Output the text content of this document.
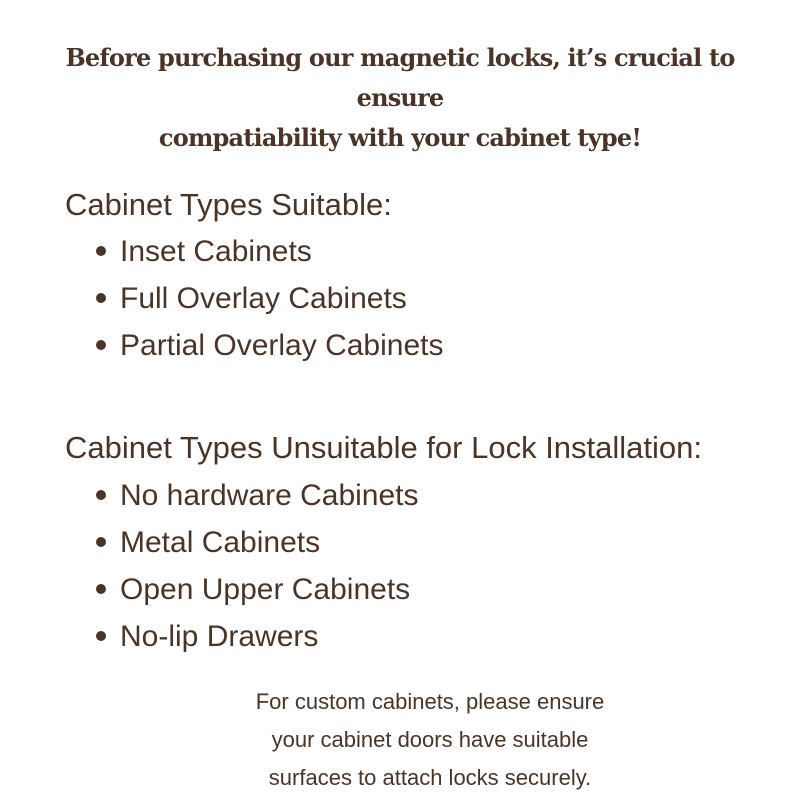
Before purchasing our magnetic locks, it’s crucial to ensure
compatiability with your cabinet type!
Cabinet Types Suitable:
Inset Cabinets
Full Overlay Cabinets
Partial Overlay Cabinets
Cabinet Types Unsuitable for Lock Installation:
No hardware Cabinets
Metal Cabinets
Open Upper Cabinets
No-lip Drawers

For custom cabinets, please ensure
your cabinet doors have suitable
surfaces to attach locks securely.
